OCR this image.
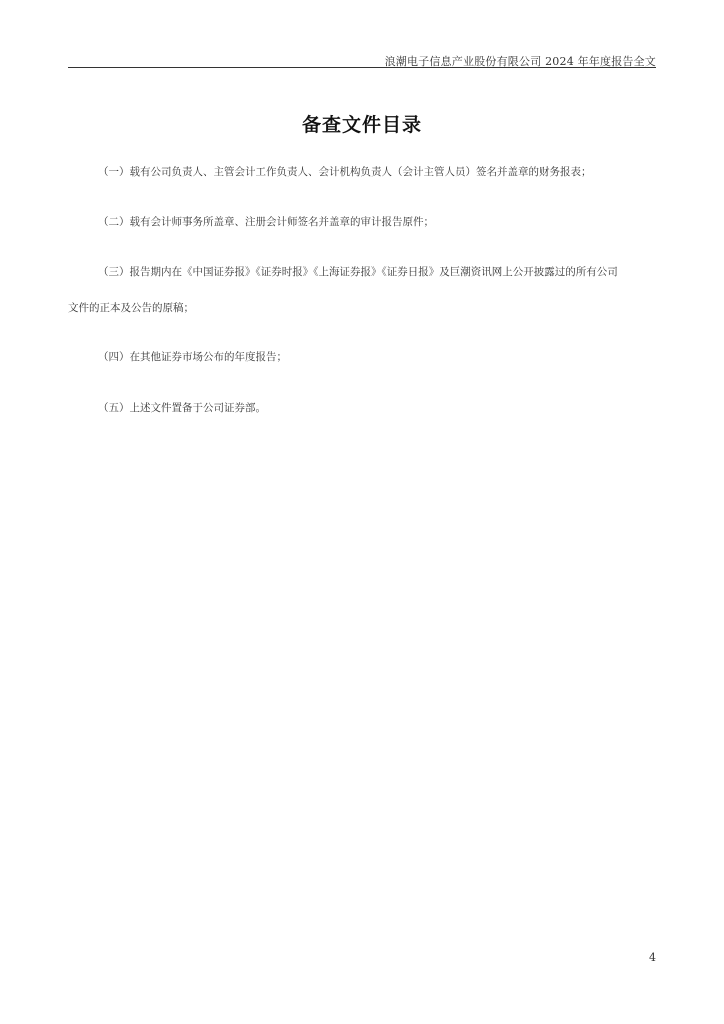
浪潮电子信息产业股份有限公司 2024 年年度报告全文
备查文件目录

（一）载有公司负责人、主管会计工作负责人、会计机构负责人（会计主管人员）签名并盖章的财务报表；

（二）载有会计师事务所盖章、注册会计师签名并盖章的审计报告原件；

（三）报告期内在《中国证券报》《证券时报》《上海证券报》《证券日报》及巨潮资讯网上公开披露过的所有公司
文件的正本及公告的原稿；

（四）在其他证券市场公布的年度报告；

（五）上述文件置备于公司证券部。

4
